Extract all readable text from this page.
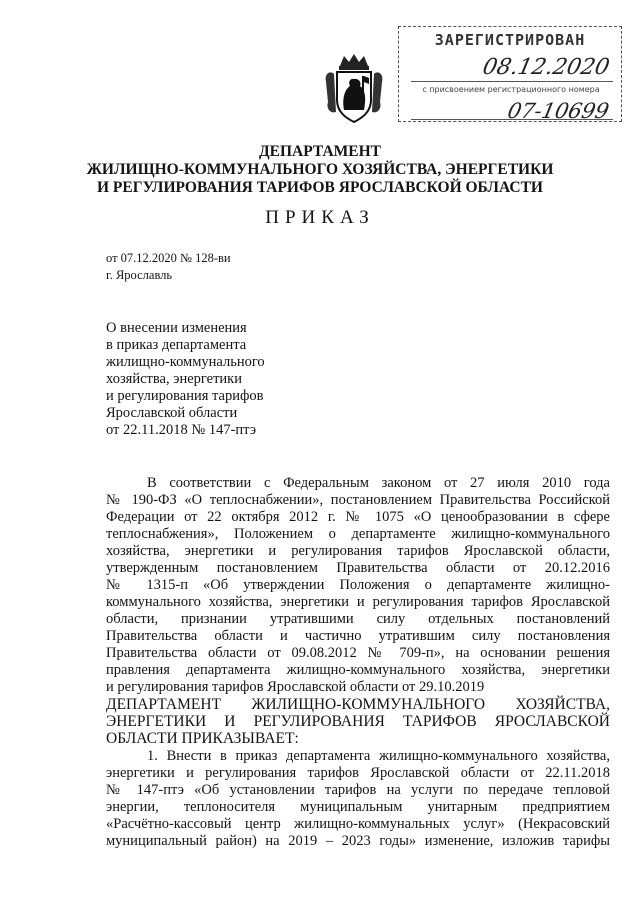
ЗАРЕГИСТРИРОВАН
08.12.2020
с присвоением регистрационного номера
07-10699
ДЕПАРТАМЕНТ
ЖИЛИЩНО-КОММУНАЛЬНОГО ХОЗЯЙСТВА, ЭНЕРГЕТИКИ
И РЕГУЛИРОВАНИЯ ТАРИФОВ ЯРОСЛАВСКОЙ ОБЛАСТИ
ПРИКАЗ
от 07.12.2020 № 128-ви
г. Ярославль
О внесении изменения
в приказ департамента
жилищно-коммунального
хозяйства, энергетики
и регулирования тарифов
Ярославской области
от 22.11.2018 № 147-птэ
В соответствии с Федеральным законом от 27 июля 2010 года
№ 190-ФЗ «О теплоснабжении», постановлением Правительства Российской
Федерации от 22 октября 2012 г. № 1075 «О ценообразовании в сфере
теплоснабжения», Положением о департаменте жилищно-коммунального
хозяйства, энергетики и регулирования тарифов Ярославской области,
утвержденным постановлением Правительства области от 20.12.2016
№ 1315-п «Об утверждении Положения о департаменте жилищно-
коммунального хозяйства, энергетики и регулирования тарифов Ярославской
области, признании утратившими силу отдельных постановлений
Правительства области и частично утратившим силу постановления
Правительства области от 09.08.2012 № 709-п», на основании решения
правления департамента жилищно-коммунального хозяйства, энергетики
и регулирования тарифов Ярославской области от 29.10.2019
ДЕПАРТАМЕНТ ЖИЛИЩНО-КОММУНАЛЬНОГО ХОЗЯЙСТВА,
ЭНЕРГЕТИКИ И РЕГУЛИРОВАНИЯ ТАРИФОВ ЯРОСЛАВСКОЙ
ОБЛАСТИ ПРИКАЗЫВАЕТ:
1. Внести в приказ департамента жилищно-коммунального хозяйства,
энергетики и регулирования тарифов Ярославской области от 22.11.2018
№ 147-птэ «Об установлении тарифов на услуги по передаче тепловой
энергии, теплоносителя муниципальным унитарным предприятием
«Расчётно-кассовый центр жилищно-коммунальных услуг» (Некрасовский
муниципальный район) на 2019 – 2023 годы» изменение, изложив тарифы
